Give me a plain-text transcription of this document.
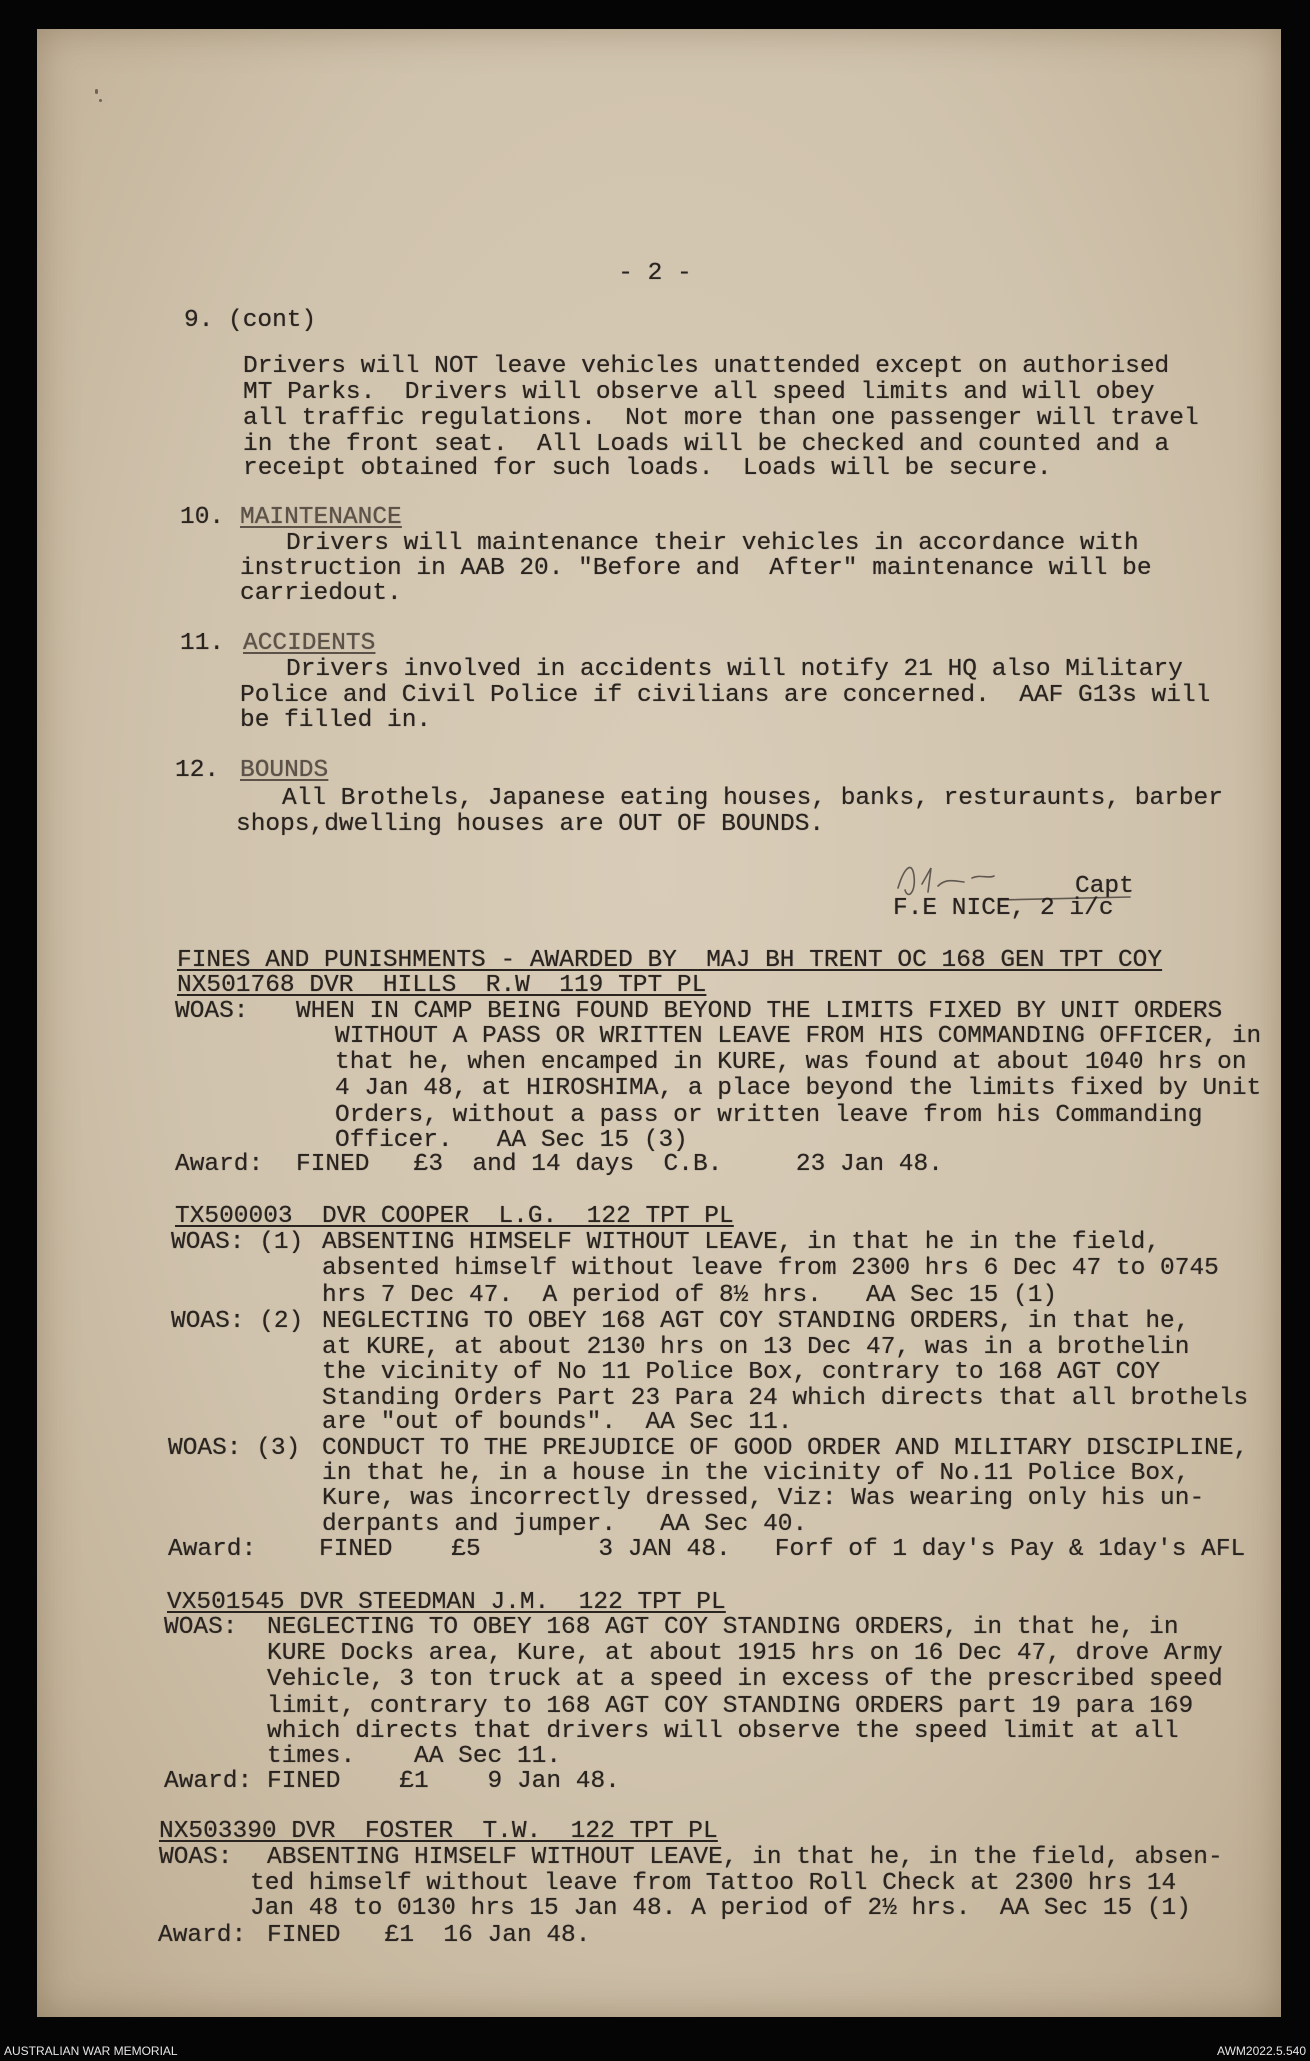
- 2 -
9. (cont)
Drivers will NOT leave vehicles unattended except on authorised
MT Parks.  Drivers will observe all speed limits and will obey
all traffic regulations.  Not more than one passenger will travel
in the front seat.  All Loads will be checked and counted and a
receipt obtained for such loads.  Loads will be secure.
10. MAINTENANCE
Drivers will maintenance their vehicles in accordance with
instruction in AAB 20. "Before and  After" maintenance will be
carriedout.
11. ACCIDENTS
Drivers involved in accidents will notify 21 HQ also Military
Police and Civil Police if civilians are concerned.  AAF G13s will
be filled in.
12. BOUNDS
All Brothels, Japanese eating houses, banks, resturaunts, barber
shops,dwelling houses are OUT OF BOUNDS.
Capt
F.E NICE, 2 i/c
FINES AND PUNISHMENTS - AWARDED BY  MAJ BH TRENT OC 168 GEN TPT COY
NX501768 DVR  HILLS  R.W  119 TPT PL
WOAS: WHEN IN CAMP BEING FOUND BEYOND THE LIMITS FIXED BY UNIT ORDERS
WITHOUT A PASS OR WRITTEN LEAVE FROM HIS COMMANDING OFFICER, in
that he, when encamped in KURE, was found at about 1040 hrs on
4 Jan 48, at HIROSHIMA, a place beyond the limits fixed by Unit
Orders, without a pass or written leave from his Commanding
Officer.   AA Sec 15 (3)
Award: FINED   £3  and 14 days  C.B.     23 Jan 48.
TX500003  DVR COOPER  L.G.  122 TPT PL
WOAS: (1) ABSENTING HIMSELF WITHOUT LEAVE, in that he in the field,
absented himself without leave from 2300 hrs 6 Dec 47 to 0745
hrs 7 Dec 47.  A period of 8½ hrs.   AA Sec 15 (1)
WOAS: (2) NEGLECTING TO OBEY 168 AGT COY STANDING ORDERS, in that he,
at KURE, at about 2130 hrs on 13 Dec 47, was in a brothelin
the vicinity of No 11 Police Box, contrary to 168 AGT COY
Standing Orders Part 23 Para 24 which directs that all brothels
are "out of bounds".  AA Sec 11.
WOAS: (3) CONDUCT TO THE PREJUDICE OF GOOD ORDER AND MILITARY DISCIPLINE,
in that he, in a house in the vicinity of No.11 Police Box,
Kure, was incorrectly dressed, Viz: Was wearing only his un-
derpants and jumper.   AA Sec 40.
Award:	FINED    £5        3 JAN 48.   Forf of 1 day's Pay & 1day's AFL
VX501545 DVR STEEDMAN J.M.  122 TPT PL
WOAS: NEGLECTING TO OBEY 168 AGT COY STANDING ORDERS, in that he, in
KURE Docks area, Kure, at about 1915 hrs on 16 Dec 47, drove Army
Vehicle, 3 ton truck at a speed in excess of the prescribed speed
limit, contrary to 168 AGT COY STANDING ORDERS part 19 para 169
which directs that drivers will observe the speed limit at all
times.    AA Sec 11.
Award: FINED    £1    9 Jan 48.
NX503390 DVR  FOSTER  T.W.  122 TPT PL
WOAS: ABSENTING HIMSELF WITHOUT LEAVE, in that he, in the field, absen-
ted himself without leave from Tattoo Roll Check at 2300 hrs 14
Jan 48 to 0130 hrs 15 Jan 48. A period of 2½ hrs.  AA Sec 15 (1)
Award: FINED   £1  16 Jan 48.
AUSTRALIAN WAR MEMORIAL	AWM2022.5.540
